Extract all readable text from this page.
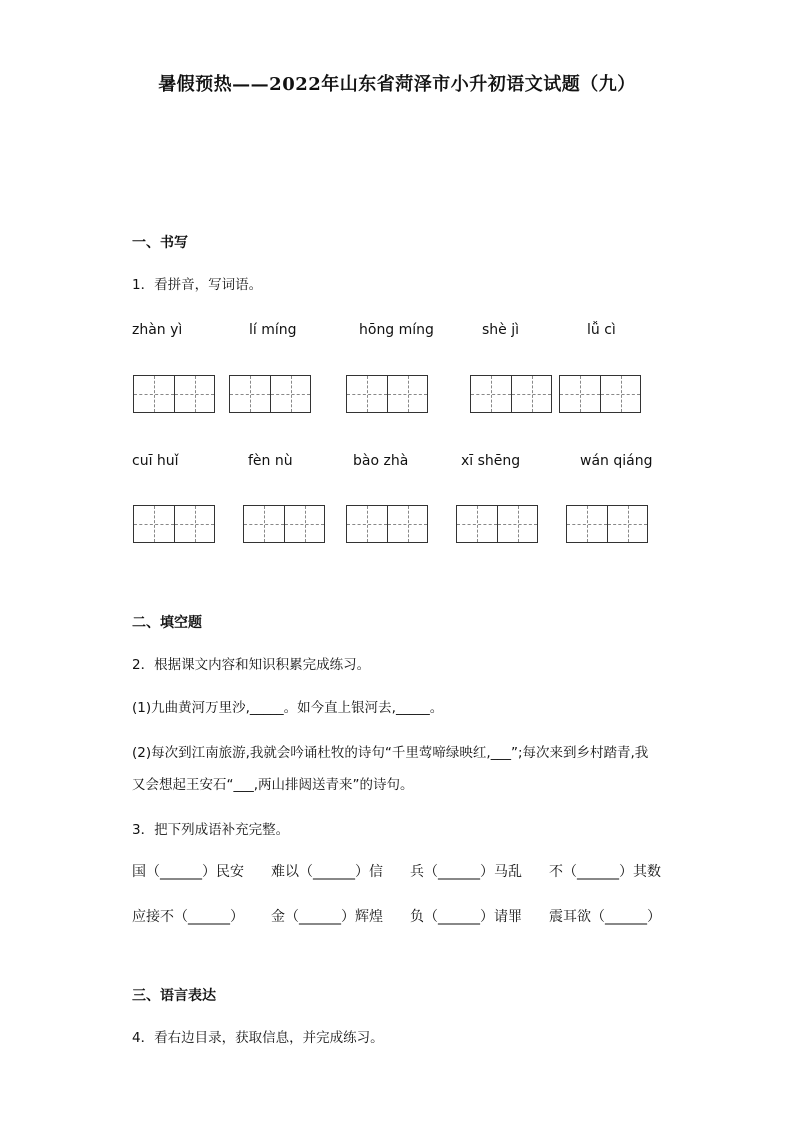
暑假预热——2022年山东省菏泽市小升初语文试题（九）
一、书写
1．看拼音，写词语。
zhàn yì	lí míng	hōng míng	shè jì	lǚ cì
cuī huǐ	fèn nù	bào zhà	xī shēng	wán qiáng
二、填空题
2．根据课文内容和知识积累完成练习。
(1)九曲黄河万里沙,_____。如今直上银河去,_____。
(2)每次到江南旅游,我就会吟诵杜牧的诗句“千里莺啼绿映红,___”;每次来到乡村踏青,我
又会想起王安石“___,两山排闼送青来”的诗句。
3．把下列成语补充完整。
国（______）民安 难以（______）信 兵（______）马乱 不（______）其数
应接不（______） 金（______）辉煌 负（______）请罪 震耳欲（______）
三、语言表达
4．看右边目录，获取信息，并完成练习。
